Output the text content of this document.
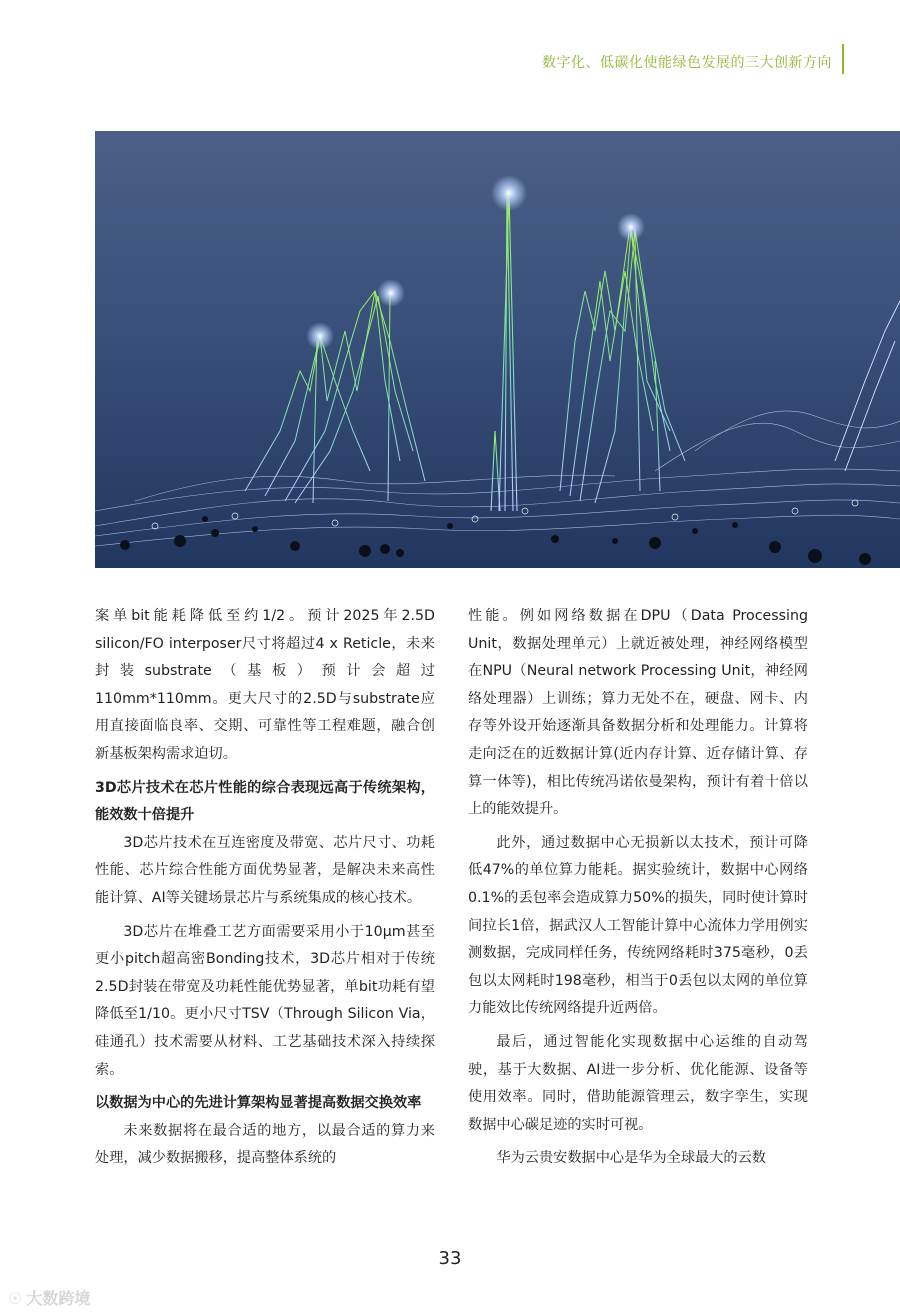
数字化、低碳化使能绿色发展的三大创新方向

案单bit能耗降低至约1/2。预计2025年2.5D silicon/FO interposer尺寸将超过4 x Reticle，未来封装substrate（基板）预计会超过110mm*110mm。更大尺寸的2.5D与substrate应用直接面临良率、交期、可靠性等工程难题，融合创新基板架构需求迫切。

3D芯片技术在芯片性能的综合表现远高于传统架构，能效数十倍提升

3D芯片技术在互连密度及带宽、芯片尺寸、功耗性能、芯片综合性能方面优势显著，是解决未来高性能计算、AI等关键场景芯片与系统集成的核心技术。

3D芯片在堆叠工艺方面需要采用小于10μm甚至更小pitch超高密Bonding技术，3D芯片相对于传统2.5D封装在带宽及功耗性能优势显著，单bit功耗有望降低至1/10。更小尺寸TSV（Through Silicon Via，硅通孔）技术需要从材料、工艺基础技术深入持续探索。

以数据为中心的先进计算架构显著提高数据交换效率

未来数据将在最合适的地方，以最合适的算力来处理，减少数据搬移，提高整体系统的

性能。例如网络数据在DPU（Data Processing Unit，数据处理单元）上就近被处理，神经网络模型在NPU（Neural network Processing Unit，神经网络处理器）上训练；算力无处不在，硬盘、网卡、内存等外设开始逐渐具备数据分析和处理能力。计算将走向泛在的近数据计算(近内存计算、近存储计算、存算一体等)，相比传统冯诺依曼架构，预计有着十倍以上的能效提升。

此外，通过数据中心无损新以太技术，预计可降低47%的单位算力能耗。据实验统计，数据中心网络0.1%的丢包率会造成算力50%的损失，同时使计算时间拉长1倍，据武汉人工智能计算中心流体力学用例实测数据，完成同样任务，传统网络耗时375毫秒，0丢包以太网耗时198毫秒，相当于0丢包以太网的单位算力能效比传统网络提升近两倍。

最后，通过智能化实现数据中心运维的自动驾驶，基于大数据、AI进一步分析、优化能源、设备等使用效率。同时，借助能源管理云，数字孪生，实现数据中心碳足迹的实时可视。

华为云贵安数据中心是华为全球最大的云数

33
☉ 大数跨境
